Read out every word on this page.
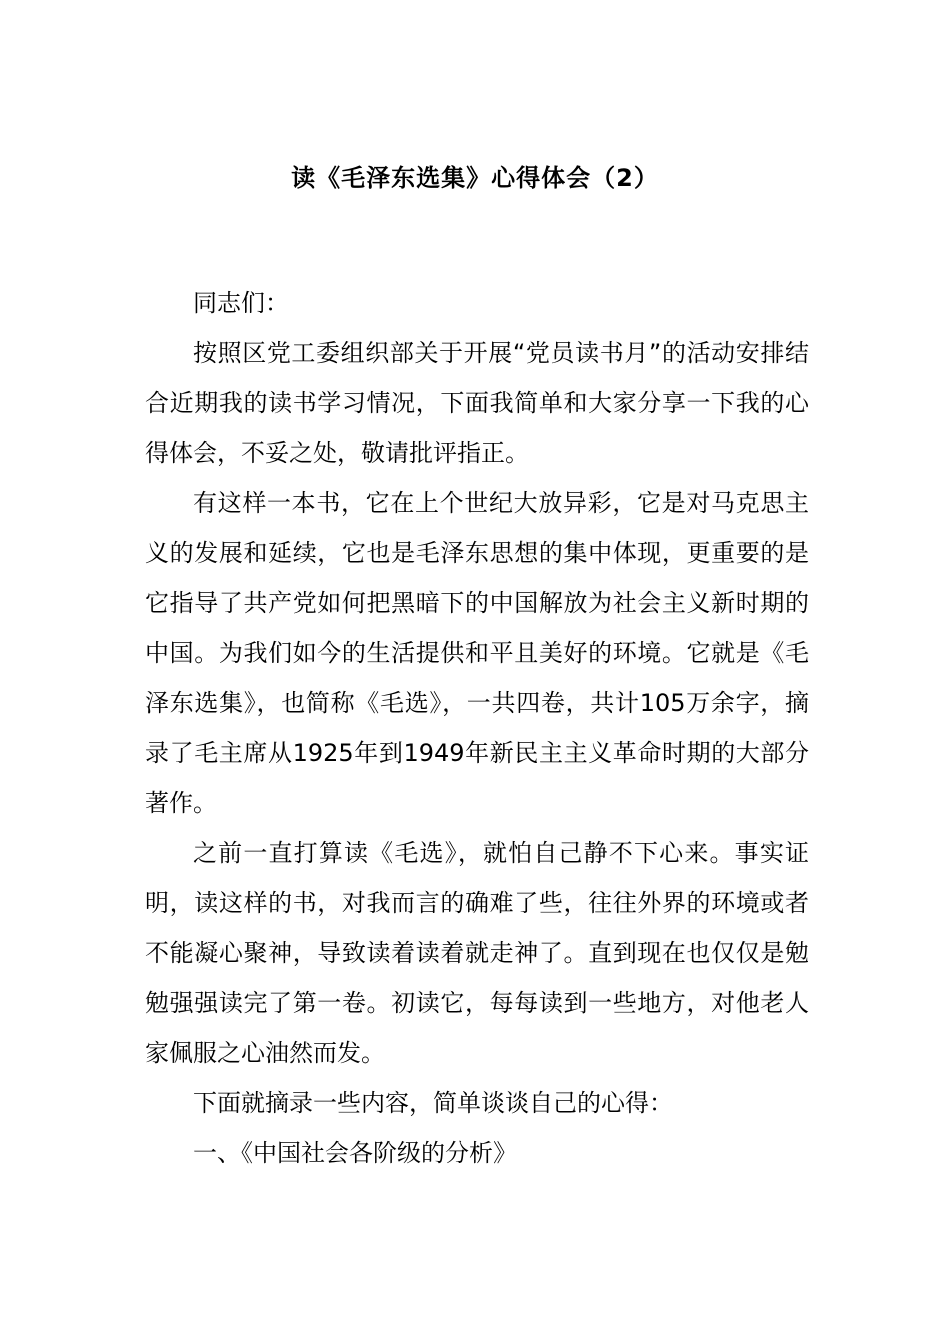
读《毛泽东选集》心得体会（2）

同志们：

按照区党工委组织部关于开展“党员读书月”的活动安排结合近期我的读书学习情况，下面我简单和大家分享一下我的心得体会，不妥之处，敬请批评指正。

有这样一本书，它在上个世纪大放异彩，它是对马克思主义的发展和延续，它也是毛泽东思想的集中体现，更重要的是它指导了共产党如何把黑暗下的中国解放为社会主义新时期的中国。为我们如今的生活提供和平且美好的环境。它就是《毛泽东选集》，也简称《毛选》，一共四卷，共计105万余字，摘录了毛主席从1925年到1949年新民主主义革命时期的大部分著作。

之前一直打算读《毛选》，就怕自己静不下心来。事实证明，读这样的书，对我而言的确难了些，往往外界的环境或者不能凝心聚神，导致读着读着就走神了。直到现在也仅仅是勉勉强强读完了第一卷。初读它，每每读到一些地方，对他老人家佩服之心油然而发。

下面就摘录一些内容，简单谈谈自己的心得：

一、《中国社会各阶级的分析》
